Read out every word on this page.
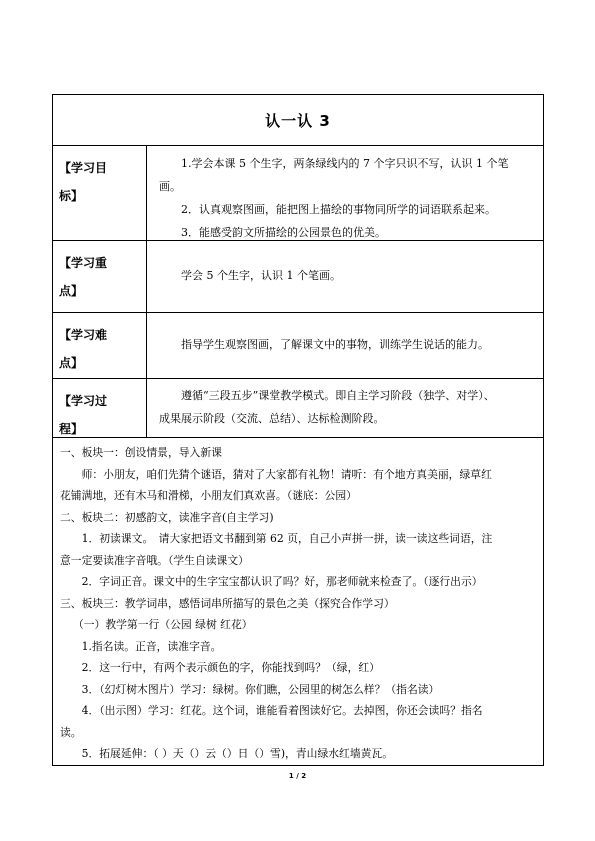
认一认 3
【学习目
标】

1.学会本课 5 个生字，两条绿线内的 7 个字只识不写，认识 1 个笔

画。

2．认真观察图画，能把图上描绘的事物同所学的词语联系起来。

3．能感受韵文所描绘的公园景色的优美。

【学习重
点】

学会 5 个生字，认识 1 个笔画。

【学习难
点】

指导学生观察图画，了解课文中的事物，训练学生说话的能力。

【学习过
程】

遵循“三段五步”课堂教学模式。即自主学习阶段（独学、对学）、

成果展示阶段（交流、总结）、达标检测阶段。

一、板块一：创设情景，导入新课

师：小朋友，咱们先猜个谜语，猜对了大家都有礼物！请听：有个地方真美丽，绿草红

花铺满地，还有木马和滑梯，小朋友们真欢喜。（谜底：公园）

二、板块二：初感韵文，读准字音(自主学习)

1．初读课文。　请大家把语文书翻到第 62 页，自己小声拼一拼，读一读这些词语，注

意一定要读准字音哦。（学生自读课文）

2．字词正音。课文中的生字宝宝都认识了吗？好，那老师就来检查了。（逐行出示）

三、板块三：教学词串，感悟词串所描写的景色之美（探究合作学习）

（一）教学第一行（公园 绿树 红花）

1.指名读。正音，读准字音。

2．这一行中，有两个表示颜色的字，你能找到吗？（绿，红）

3．（幻灯树木图片）学习：绿树。你们瞧，公园里的树怎么样？（指名读）

4．（出示图）学习：红花。这个词，谁能看着图读好它。去掉图，你还会读吗？指名

读。

5．拓展延伸：（ ）天（）云（）日（）雪)，青山绿水红墙黄瓦。

1 / 2
